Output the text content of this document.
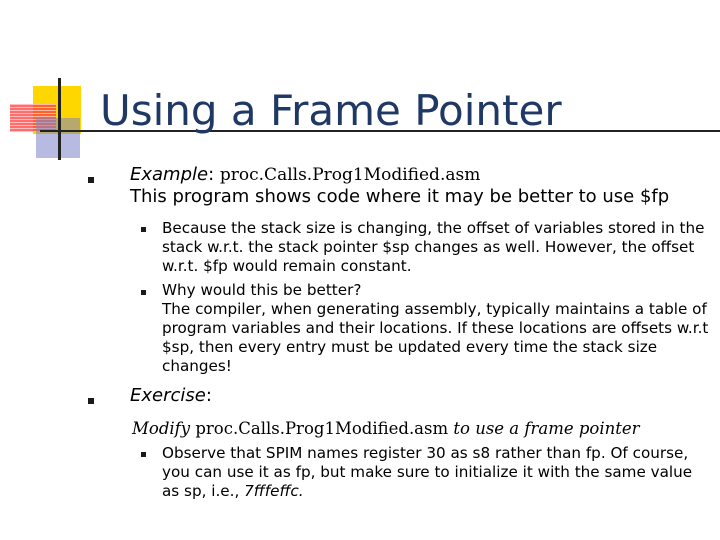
Using a Frame Pointer
Example: proc.Calls.Prog1Modified.asm
This program shows code where it may be better to use $fp
Because the stack size is changing, the offset of variables stored in the stack w.r.t. the stack pointer $sp changes as well. However, the offset w.r.t. $fp would remain constant.
Why would this be better?
The compiler, when generating assembly, typically maintains a table of program variables and their locations. If these locations are offsets w.r.t $sp, then every entry must be updated every time the stack size changes!
Exercise:
Modify proc.Calls.Prog1Modified.asm to use a frame pointer
Observe that SPIM names register 30 as s8 rather than fp. Of course, you can use it as fp, but make sure to initialize it with the same value as sp, i.e., 7fffeffc.
